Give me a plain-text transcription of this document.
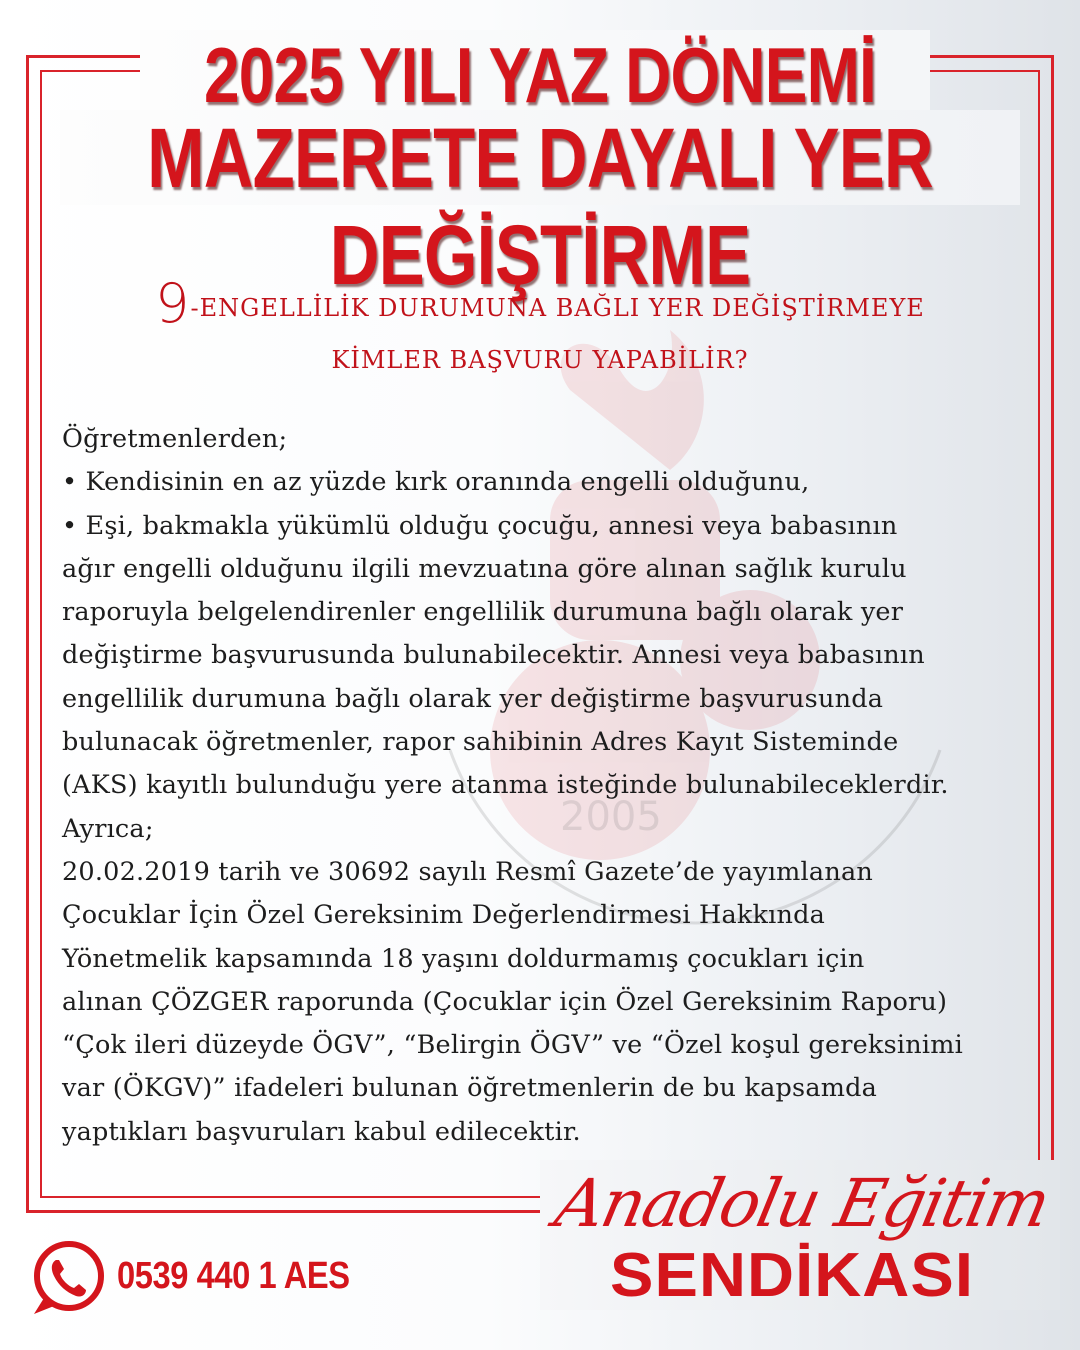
2005
2025 YILI YAZ DÖNEMİ
MAZERETE DAYALI YER DEĞİŞTİRME
9-ENGELLİLİK DURUMUNA BAĞLI YER DEĞİŞTİRMEYE
KİMLER BAŞVURU YAPABİLİR?
Öğretmenlerden;
• Kendisinin en az yüzde kırk oranında engelli olduğunu,
• Eşi, bakmakla yükümlü olduğu çocuğu, annesi veya babasının
ağır engelli olduğunu ilgili mevzuatına göre alınan sağlık kurulu
raporuyla belgelendirenler engellilik durumuna bağlı olarak yer
değiştirme başvurusunda bulunabilecektir. Annesi veya babasının
engellilik durumuna bağlı olarak yer değiştirme başvurusunda
bulunacak öğretmenler, rapor sahibinin Adres Kayıt Sisteminde
(AKS) kayıtlı bulunduğu yere atanma isteğinde bulunabileceklerdir.
Ayrıca;
20.02.2019 tarih ve 30692 sayılı Resmî Gazete’de yayımlanan
Çocuklar İçin Özel Gereksinim Değerlendirmesi Hakkında
Yönetmelik kapsamında 18 yaşını doldurmamış çocukları için
alınan ÇÖZGER raporunda (Çocuklar için Özel Gereksinim Raporu)
“Çok ileri düzeyde ÖGV”, “Belirgin ÖGV” ve “Özel koşul gereksinimi
var (ÖKGV)” ifadeleri bulunan öğretmenlerin de bu kapsamda
yaptıkları başvuruları kabul edilecektir.
0539 440 1 AES
Anadolu Eğitim
SENDİKASI
